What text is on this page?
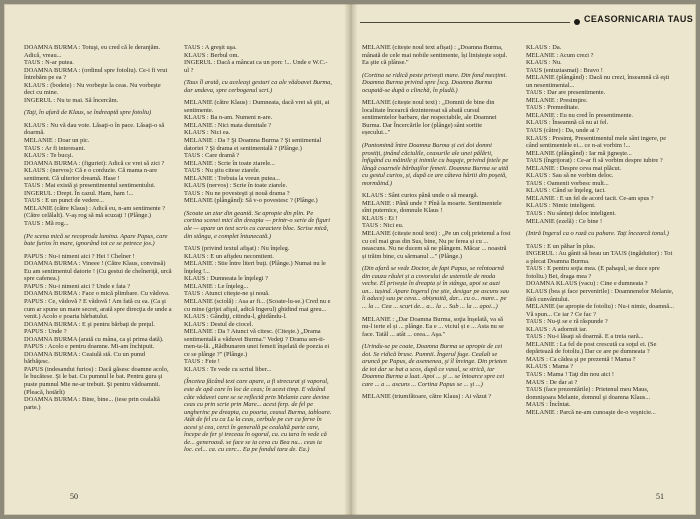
DOAMNA BURMA : Totuşi, eu cred că le deranjăm. Adică, vreau...

TAUS : N-ar putea.

DOAMNA BURMA : (ordinul spre fotoliu). Ce-i fi vrut întrebăm pe ea ?

KLAUS : (bodeie) : Nu vorbeşte la ceas. Nu vorbeşte deci cu mine.

INGERUL : Nu te mai. Să încercăm.

(Taţi, în afară de Klaus, se îndreaptă spre fotoliu)

KLAUS : Nu vă dau voie. Lăsaţi-o în pace. Lăsaţi-o să doarmă.

MELANIE : Doar un pic.

TAUS : Ar fi interesant.

KLAUS : Te bucşi.

DOAMNA BURMA : (figuriet): Adică ce vrei să zici ?

KLAUS : (nervos): Că e o confuzie. Că mama n-are sentiment. Că ulterior dreamă. Hase !

TAUS : Mai există şi presentimentul sentimentului.

INGERUL : Drept. În cazul. Ham, ham !...

TAUS : E un punct de vedere...

MELANIE (către Klaus) : Adică eu, n-am sentimente ? (Către celălalt). V-aş rog să mă scuzaţi ! (Plânge.)

TAUS : Mă rog...

(Pe scena mică se recoproda lumina. Apare Papus, care bate furios în mare, ignorând tot ce se petrece jos.)

PAPUS : Nu-i nimeni aici ? Hei ! Chelner !

DOAMNA BURMA : Vineee ! (Către Klaus, convinsă) Eu am sentimentul datorie ! (Cu gestui de chelneriţă, urcă spre cafenea.)

PAPUS : Nu-i nimeni aici ? Unde e fata ?

DOAMNA BURMA : Face o mică plimbare. Cu vădova.

PAPUS : Ce, vădovă ? E vădovă ! Am fată cu ea. (Ca şi cum ar spune un mare secret, arată spre direcţia de unde a venit.) Acolo e poarta bărbatului.

DOAMNA BURMA : E şi pentru bărbaţi de preţul.

PAPUS : Unde ?

DOAMNA BURMA (arată cu mâna, ca şi prima dată).

PAPUS : Acolo e pentru doamne. Mi-am închipuit.

DOAMNA BURMA : Ceaiulă stă. Cu un pumd bărbăţesc.

PAPUS (indesandui furios) : Dacă găsesc doamne acolo, le bucătese. Şi le bat. Cu pumnul le bat. Pentru gura şi puste pumnul Mie ne-ar trebuit. Şi pentru vădoamnii. (Pleacă, hotărît)

DOAMNA BURMA : Bine, bine... (iese prin cealaltă parte.)

TAUS : A greşit uşa.

KLAUS : Berbul om.

INGERUL : Dacă a mâncat ca un porc !... Unde e W.C.-ul ?

(Taus îl arată, cu aceleaşi gesturi ca ale vădoavei Burma, dar undeva, spre cerbogenul scri.)

MELANIE (către Klaus) : Dumneata, dacă vrei să ştii, ai sentimente.

KLAUS : Ba n-am. Numeni n-are.

MELANIE : Nici mata dumitale ?

KLAUS : Nici ea.

MELANIE : Da ? Şi Doamna Burma ? Şi sentimental datoriei ? Şi drama ei sentimentală ? (Plânge.)

TAUS : Care dramă ?

MELANIE : Scrie în toate ziarele...

TAUS : Nu ştiu citese ziarele.

MELANIE : Trebuia la vreun putea...

KLAUS (nervos) : Scrie în toate ziarele.

TAUS : Nu ne povesteşti şi nouă drama ?

MELANIE (plângând): Să v-o povestesc ? (Plânge.)

(Scoate un ziar din geantă. Se apropie din plin. Pe cortina scenei mici din dreapta — printr-o serie de figuri ale — apare un text scris cu caractere bloc. Scrise mică, din stânga, e complet întunecată.)

TAUS (privind textul afişat) : Nu înţeleg.

KLAUS : E un afişdeu necomitent.

MELANIE : Stie între literi buţi. (Plânge.) Numai nu le înţeleg !...

KLAUS : Dumneata le înţelegi ?

MELANIE : Le înţeleg...

TAUS : Atunci citeşte-ne şi nouă.

MELANIE (sciolă) : Asa ar fi... (Scoate-lu-se.) Cred nu e cu mine (grijei afişul, adică Ingerul) ghidind mai greu...

KLAUS : Gândiţi, citindu-l, ghidându-l.

KLAUS : Destul de ciocel.

MELANIE : Da ? Atunci vă citesc. (Citeşte.) „Drama sentimentală a văduvei Burma." Vedeţi ? Drama sen-ti-men-ta-lă. „Rădbunaren unei femeii înşelată de poezia ei ce se plânge ?" (Plânge.)

TAUS : Fete !

KLAUS : Te vede cu scriul liber...

(Încetea făcând text care apare, a fi strecurat şi vaporul, este de apă care în loc de ceas; în acest timp. E văzând câte văduvei care se se reflectă prin Melanie care devine ceas cu prin scrie prin Mare... acest ferp. de fel pe ungherinc pe dreapta, cu poarta, ceasul Burma, tabloare. Atât de fel cu ca Lu la ceas, cerbule pe cer ca ferve în acest şi cea, cerci în generală pe cealaltă parte care, începe de fer şi treceau în ogorul, ca. cu tara în vede că de... generoasă. se face se ia ceva cu Bea nu... ceas ia loc. cel... ca. cu cerc... Ea pe fondul tara de. Ea.)

50
CEASORNICARIA TAUS

MELANIE (citește noul text afișat) : „Doamna Burma, mânată de cele mai nobile sentimente, își linișteşte soţul. Ea ştie că plânse."

(Cortina se ridică peste privești mare. Din fond mecţimi. Doamna Burma privind spre [scg. Doamna Burma ocupată-se dupǎ o clinchă, în pludă.)

MELANIE (citește noul text) : „Domnii de bine din localitate încearcă dezinteresat să abată cursul sentimentelor barbare, dar respectabile, ale Doamnei Burma. Dar Încercările lor (plânge) sânt sortite eșecului..."

(Pantomimă între Doamna Burma și cei doi domni prostiți, ţinând căciulile, ceasurile ale unei pălării, înfigând cu mâinile şi inimile cu bagaje, privind fetele pe lângă coarnele bărbaţilor femeii. Doamna Burma se uită cu gestul curios, și, după ce are câteva hârtii din poşetă, mormăind.)

KLAUS : Sânt curios până unde o să meargă.

MELANIE : Până unde ? Pînă la moarte. Sentimentele sînt puternice, domnule Klaus !

KLAUS : Ei !

TAUS : Nici eu.

MELANIE (citește noul text) : „Pe un colţ prietenul a fost cu cel mai gras din Sus, bine, Nu pe ferea și cu ... neascuns. Nu ne ducem să ne plângem. Măcar ... noastră și trăim bine, cu sărmanul ..." (Plânge.)

(Din afară se vede Doctor, de fapt Papus, se reîntoarnă din cauza răulei și a covorului de ustensile de moda veche. El privește în dreapta și în stânga, apoi se auzi un... tușind. Apare Ingerul (ne știe, desigur pe ascuns sau îi aduce) sau pe ceva... obișnuită, dar... cu o... mare... pe ... la ... Cea ... scurt de... a... la ... Sub ... la ... apoi...)

MELANIE : „Dar Doamna Burma, soţia înșelată, va să nu-l ierte el și ... plânge. Ea e ... viciul și e ... Asta nu se face. Tatăl ... atât ... ceea... Aşa."

(Urindu-se pe coate, Doamna Burma se apropie de cei doi. Se ridică brusc. Pumnii. Îngerul fuge. Cealalt se aruncă pe Papus, de asemenea, şi îl învinge. Din prieten de tot dar se bat a scos, după ce vasul, se strică, iar Doamna Burma a luat. Apoi ... şi ... se întoarce spre cei care ... a ... ascuns ... Cortina Papus se ... şi ...)

MELANIE (triumfătoare, către Klaus) : Ai văzut ?

KLAUS : Da.

MELANIE : Acum crezi ?

KLAUS : Nu.

TAUS (entuziasmat) : Bravo !

MELANIE (plângând) : Dacă nu crezi, înseamnă că eşti un nesentimental...

TAUS : Dar are presentimente.

MELANIE : Presimţire.

TAUS : Premeditate.

MELANIE : Eu nu cred în presentimente.

KLAUS : Înseamnă că nu ai fel.

TAUS (către) : Da, unde ai ?

KLAUS : Presimţ. Presentimentul mele sânt ingere, pe când sentimentele ei... ce n-ai vorbim !...

MELANIE (plângând) : Iar mă jigneşte...

TAUS (îngrijorat) : Ce-ar fi să vorbim despre iubire ?

MELANIE : Despre ceva mai plăcut.

KLAUS : Sau să ne vorbim deloc.

TAUS : Oamenii vorbesc mult...

KLAUS : Când se înţeleg, taci.

MELANIE : E un fel de acord tacit. Ce-am spus ?

KLAUS : Nimic inteligent.

TAUS : Nu sânteţi deloc inteligent.

MELANIE (ezelă) : Ce bine !

(Intră Ingerul ca o rază cu pahare. Taţi încearcă tonul.)

TAUS : E un păhar în plus.

INGERUL : Au gânit să beau un TAUS (ingăduitor) : Tot a plecat Doamna Burma.

TAUS : E pentru soţia mea. (E pahaşul, se duce spre fotoliu.) Bei, draga mea ?

DOAMNA KLAUS (vacu) : Cine e dumneata ?

KLAUS (bea şi face pervenirile) : Doamnenelor Melanie, fără cunvântului.

MELANIE (se apropie de fotoliu) : Nu-i nimic, doamnă... Vă spun... Ce iar ? Ce fac ?

TAUS : Nu-ţi se e ră răspunde ?

KLAUS : A adormit iar.

TAUS : Nu-i lăsaţi să doarmă. E a treia oară...

MELANIE : La fel de post crescută ca soţul ei. (Se depărtează de fotoliu.) Dar ce are pe dumneata ?

MAUS : Ca cădea şi pe prezentă ! Mama ?

KLAUS : Mama ?

TAUS : Mama ! Taţi din nou aici !

MAUS : De dar ai ?

TAUS (face prezentările) : Prietenul meu Maus, domnişoara Melanie, domnul şi doamna Klaus...

MAUS : Încîntat.

MELANIE : Parcă ne-am cunoaşte de-o veşnicie...

51
